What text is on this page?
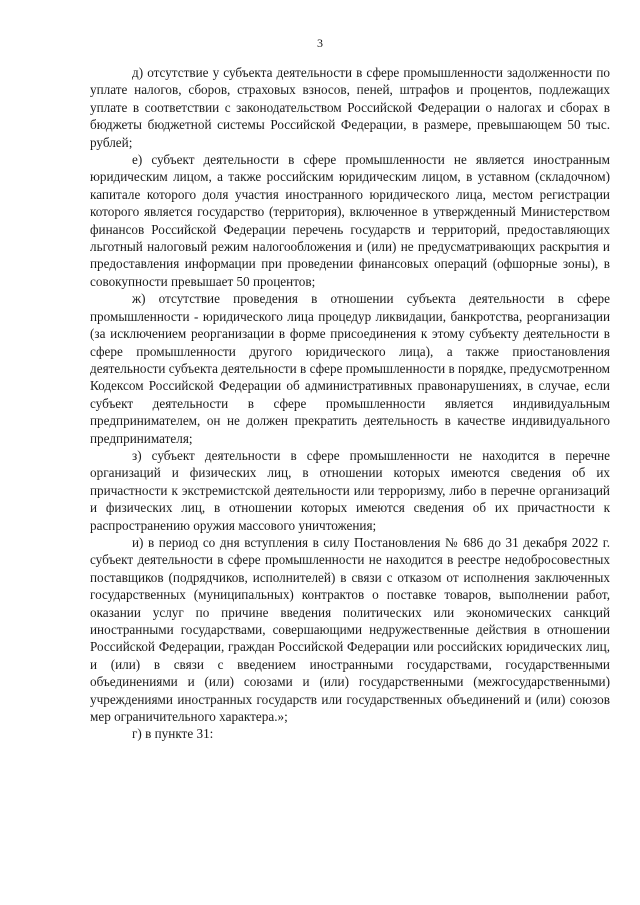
3

д) отсутствие у субъекта деятельности в сфере промышленности задолженности по уплате налогов, сборов, страховых взносов, пеней, штрафов и процентов, подлежащих уплате в соответствии с законодательством Российской Федерации о налогах и сборах в бюджеты бюджетной системы Российской Федерации, в размере, превышающем 50 тыс. рублей;

е) субъект деятельности в сфере промышленности не является иностранным юридическим лицом, а также российским юридическим лицом, в уставном (складочном) капитале которого доля участия иностранного юридического лица, местом регистрации которого является государство (территория), включенное в утвержденный Министерством финансов Российской Федерации перечень государств и территорий, предоставляющих льготный налоговый режим налогообложения и (или) не предусматривающих раскрытия и предоставления информации при проведении финансовых операций (офшорные зоны), в совокупности превышает 50 процентов;

ж) отсутствие проведения в отношении субъекта деятельности в сфере промышленности - юридического лица процедур ликвидации, банкротства, реорганизации (за исключением реорганизации в форме присоединения к этому субъекту деятельности в сфере промышленности другого юридического лица), а также приостановления деятельности субъекта деятельности в сфере промышленности в порядке, предусмотренном Кодексом Российской Федерации об административных правонарушениях, в случае, если субъект деятельности в сфере промышленности является индивидуальным предпринимателем, он не должен прекратить деятельность в качестве индивидуального предпринимателя;

з) субъект деятельности в сфере промышленности не находится в перечне организаций и физических лиц, в отношении которых имеются сведения об их причастности к экстремистской деятельности или терроризму, либо в перечне организаций и физических лиц, в отношении которых имеются сведения об их причастности к распространению оружия массового уничтожения;

и) в период со дня вступления в силу Постановления № 686 до 31 декабря 2022 г. субъект деятельности в сфере промышленности не находится в реестре недобросовестных поставщиков (подрядчиков, исполнителей) в связи с отказом от исполнения заключенных государственных (муниципальных) контрактов о поставке товаров, выполнении работ, оказании услуг по причине введения политических или экономических санкций иностранными государствами, совершающими недружественные действия в отношении Российской Федерации, граждан Российской Федерации или российских юридических лиц, и (или) в связи с введением иностранными государствами, государственными объединениями и (или) союзами и (или) государственными (межгосударственными) учреждениями иностранных государств или государственных объединений и (или) союзов мер ограничительного характера.»;

г) в пункте 31:
